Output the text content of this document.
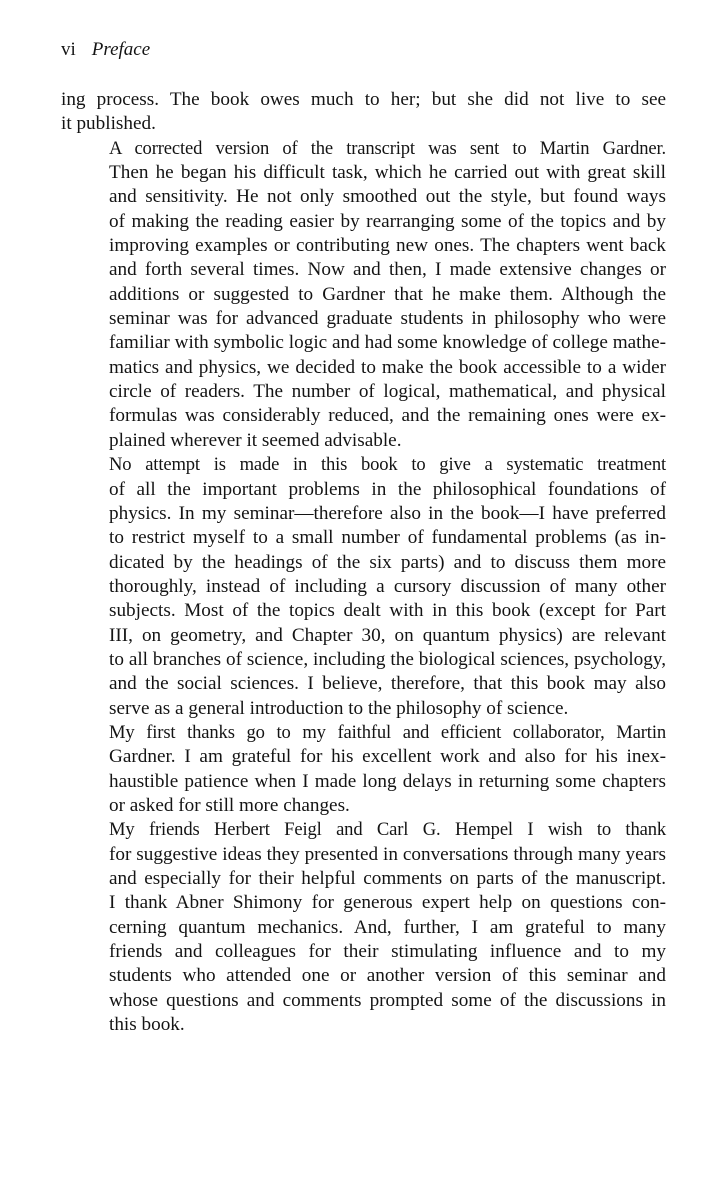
vi Preface

ing process. The book owes much to her; but she did not live to see
it published.

A corrected version of the transcript was sent to Martin Gardner.
Then he began his difficult task, which he carried out with great skill
and sensitivity. He not only smoothed out the style, but found ways
of making the reading easier by rearranging some of the topics and by
improving examples or contributing new ones. The chapters went back
and forth several times. Now and then, I made extensive changes or
additions or suggested to Gardner that he make them. Although the
seminar was for advanced graduate students in philosophy who were
familiar with symbolic logic and had some knowledge of college mathe-
matics and physics, we decided to make the book accessible to a wider
circle of readers. The number of logical, mathematical, and physical
formulas was considerably reduced, and the remaining ones were ex-
plained wherever it seemed advisable.

No attempt is made in this book to give a systematic treatment
of all the important problems in the philosophical foundations of
physics. In my seminar—therefore also in the book—I have preferred
to restrict myself to a small number of fundamental problems (as in-
dicated by the headings of the six parts) and to discuss them more
thoroughly, instead of including a cursory discussion of many other
subjects. Most of the topics dealt with in this book (except for Part
III, on geometry, and Chapter 30, on quantum physics) are relevant
to all branches of science, including the biological sciences, psychology,
and the social sciences. I believe, therefore, that this book may also
serve as a general introduction to the philosophy of science.

My first thanks go to my faithful and efficient collaborator, Martin
Gardner. I am grateful for his excellent work and also for his inex-
haustible patience when I made long delays in returning some chapters
or asked for still more changes.

My friends Herbert Feigl and Carl G. Hempel I wish to thank
for suggestive ideas they presented in conversations through many years
and especially for their helpful comments on parts of the manuscript.
I thank Abner Shimony for generous expert help on questions con-
cerning quantum mechanics. And, further, I am grateful to many
friends and colleagues for their stimulating influence and to my
students who attended one or another version of this seminar and
whose questions and comments prompted some of the discussions in
this book.
